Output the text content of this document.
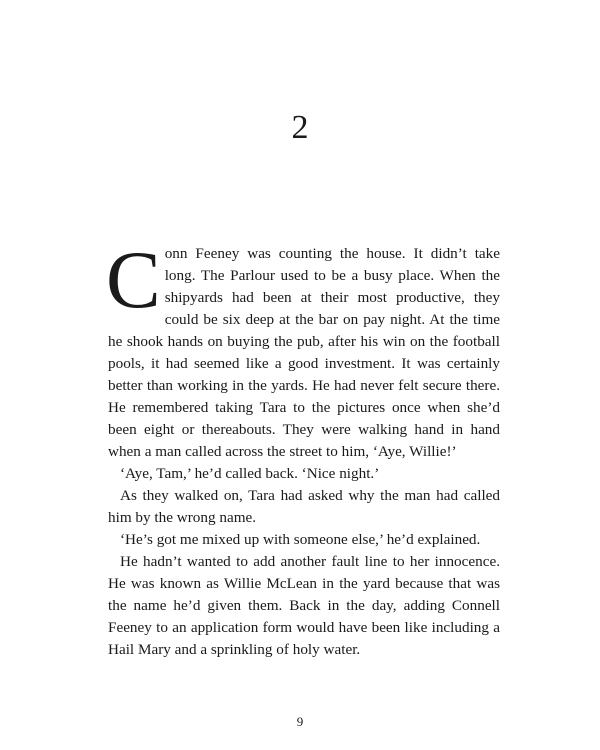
2

Conn Feeney was counting the house. It didn’t take long. The Parlour used to be a busy place. When the shipyards had been at their most productive, they could be six deep at the bar on pay night. At the time he shook hands on buying the pub, after his win on the football pools, it had seemed like a good investment. It was certainly better than working in the yards. He had never felt secure there. He remembered taking Tara to the pictures once when she’d been eight or thereabouts. They were walking hand in hand when a man called across the street to him, ‘Aye, Willie!’

‘Aye, Tam,’ he’d called back. ‘Nice night.’

As they walked on, Tara had asked why the man had called him by the wrong name.

‘He’s got me mixed up with someone else,’ he’d explained.

He hadn’t wanted to add another fault line to her innocence. He was known as Willie McLean in the yard because that was the name he’d given them. Back in the day, adding Connell Feeney to an application form would have been like including a Hail Mary and a sprinkling of holy water.

9
